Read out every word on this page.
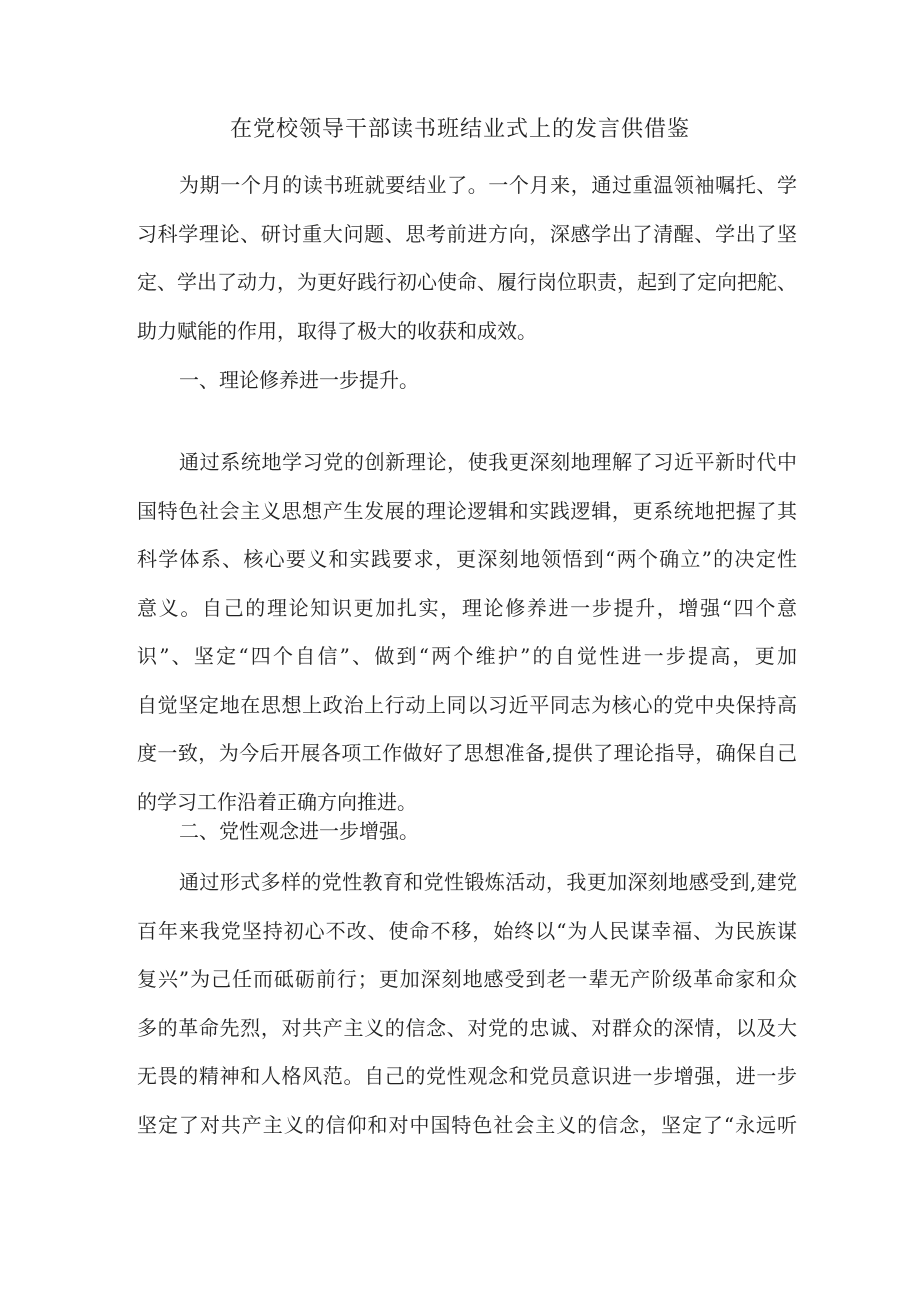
在党校领导干部读书班结业式上的发言供借鉴
为期一个月的读书班就要结业了。一个月来，通过重温领袖嘱托、学
习科学理论、研讨重大问题、思考前进方向，深感学出了清醒、学出了坚
定、学出了动力，为更好践行初心使命、履行岗位职责，起到了定向把舵、
助力赋能的作用，取得了极大的收获和成效。
一、理论修养进一步提升。
通过系统地学习党的创新理论，使我更深刻地理解了习近平新时代中
国特色社会主义思想产生发展的理论逻辑和实践逻辑，更系统地把握了其
科学体系、核心要义和实践要求，更深刻地领悟到“两个确立”的决定性
意义。自己的理论知识更加扎实，理论修养进一步提升，增强“四个意
识”、坚定“四个自信”、做到“两个维护”的自觉性进一步提高，更加
自觉坚定地在思想上政治上行动上同以习近平同志为核心的党中央保持高
度一致，为今后开展各项工作做好了思想准备,提供了理论指导，确保自己
的学习工作沿着正确方向推进。
二、党性观念进一步增强。
通过形式多样的党性教育和党性锻炼活动，我更加深刻地感受到,建党
百年来我党坚持初心不改、使命不移，始终以“为人民谋幸福、为民族谋
复兴”为己任而砥砺前行；更加深刻地感受到老一辈无产阶级革命家和众
多的革命先烈，对共产主义的信念、对党的忠诚、对群众的深情，以及大
无畏的精神和人格风范。自己的党性观念和党员意识进一步增强，进一步
坚定了对共产主义的信仰和对中国特色社会主义的信念，坚定了“永远听
